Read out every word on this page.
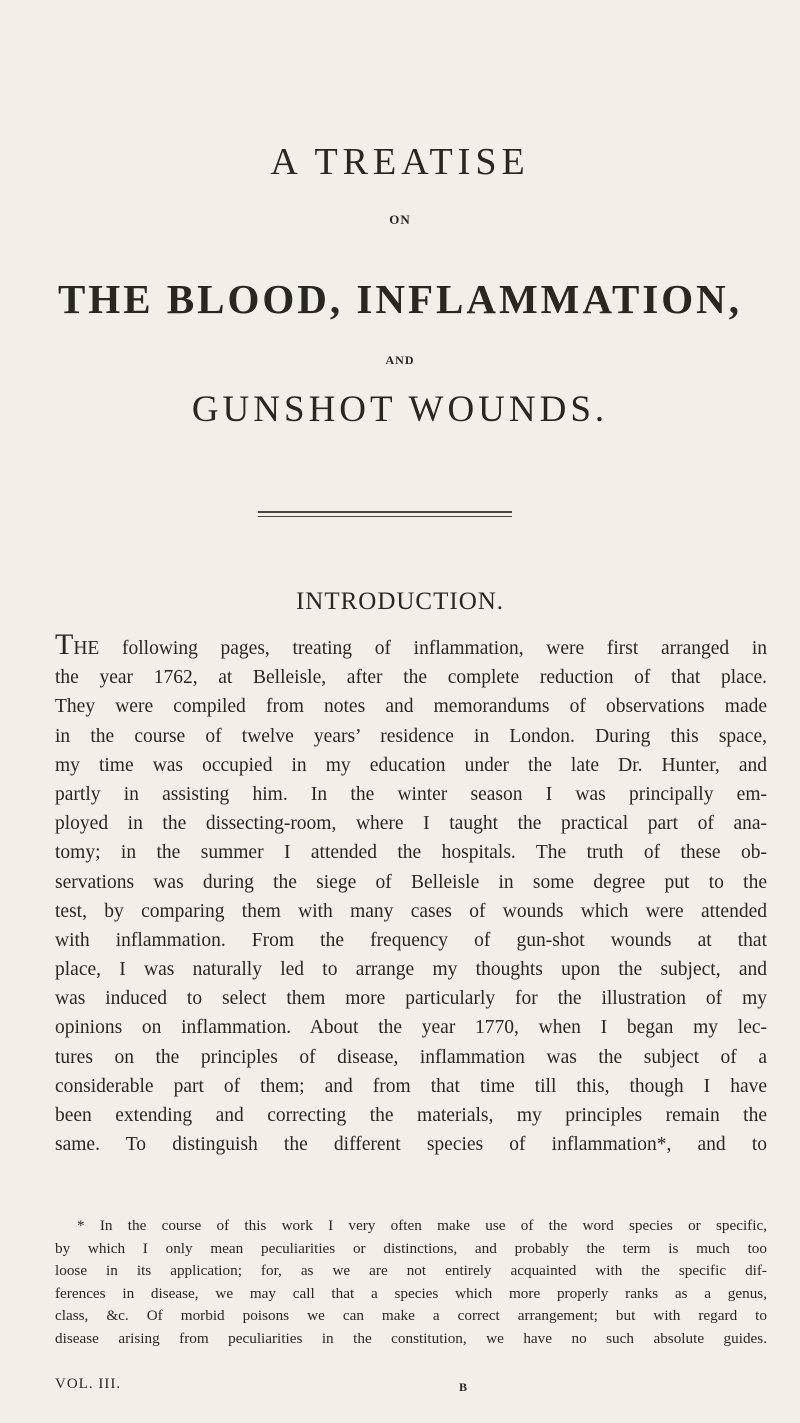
A TREATISE
ON
THE BLOOD, INFLAMMATION,
AND
GUNSHOT WOUNDS.
INTRODUCTION.
THE following pages, treating of inflammation, were first arranged in
the year 1762, at Belleisle, after the complete reduction of that place.
They were compiled from notes and memorandums of observations made
in the course of twelve years’ residence in London. During this space,
my time was occupied in my education under the late Dr. Hunter, and
partly in assisting him. In the winter season I was principally em-
ployed in the dissecting-room, where I taught the practical part of ana-
tomy; in the summer I attended the hospitals. The truth of these ob-
servations was during the siege of Belleisle in some degree put to the
test, by comparing them with many cases of wounds which were attended
with inflammation. From the frequency of gun-shot wounds at that
place, I was naturally led to arrange my thoughts upon the subject, and
was induced to select them more particularly for the illustration of my
opinions on inflammation. About the year 1770, when I began my lec-
tures on the principles of disease, inflammation was the subject of a
considerable part of them; and from that time till this, though I have
been extending and correcting the materials, my principles remain the
same. To distinguish the different species of inflammation*, and to
* In the course of this work I very often make use of the word species or specific,
by which I only mean peculiarities or distinctions, and probably the term is much too
loose in its application; for, as we are not entirely acquainted with the specific dif-
ferences in disease, we may call that a species which more properly ranks as a genus,
class, &c. Of morbid poisons we can make a correct arrangement; but with regard to
disease arising from peculiarities in the constitution, we have no such absolute guides.
VOL. III.	B
